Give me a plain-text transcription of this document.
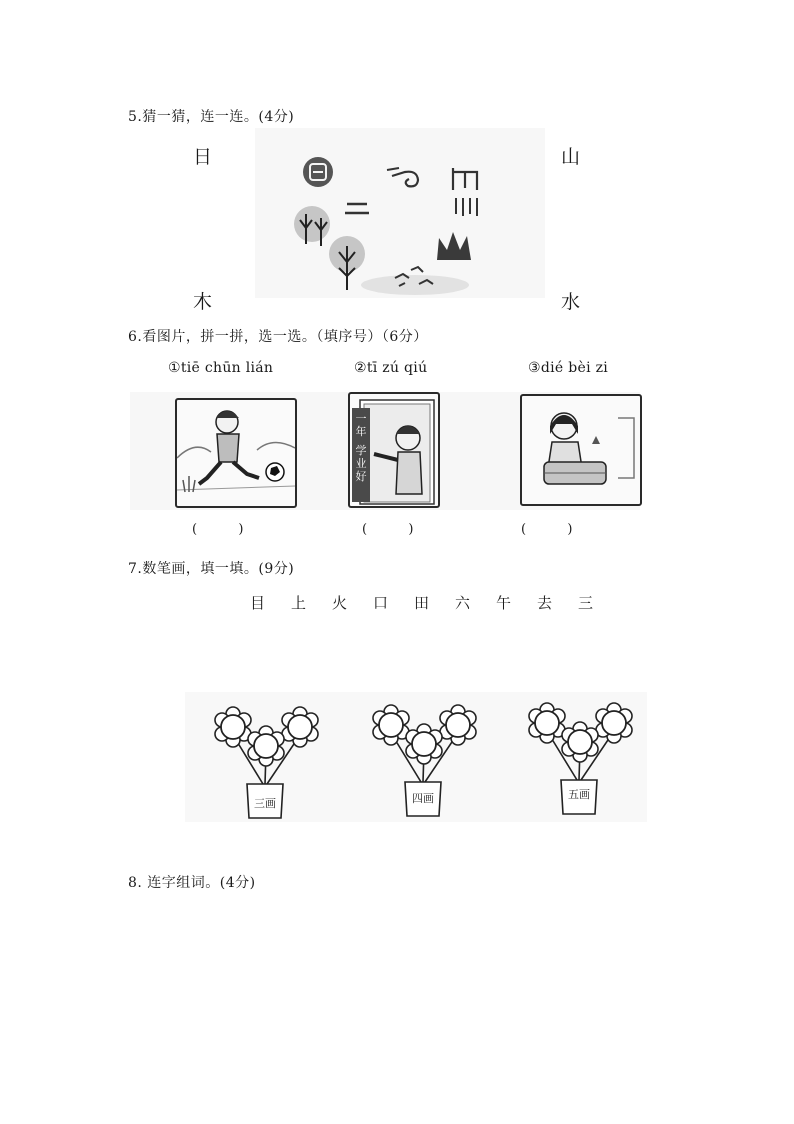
5.猜一猜，连一连。(4分)
日	山
木	水
6.看图片，拼一拼，选一选。（填序号）（6分）
①tiē chūn lián	②tī zú qiú	③dié bèi zi
一年
学业好
(          )	(          )	(          )
7.数笔画，填一填。(9分)
目 上 火 口 田 六 午 去 三
三画	四画	五画
8. 连字组词。(4分)
